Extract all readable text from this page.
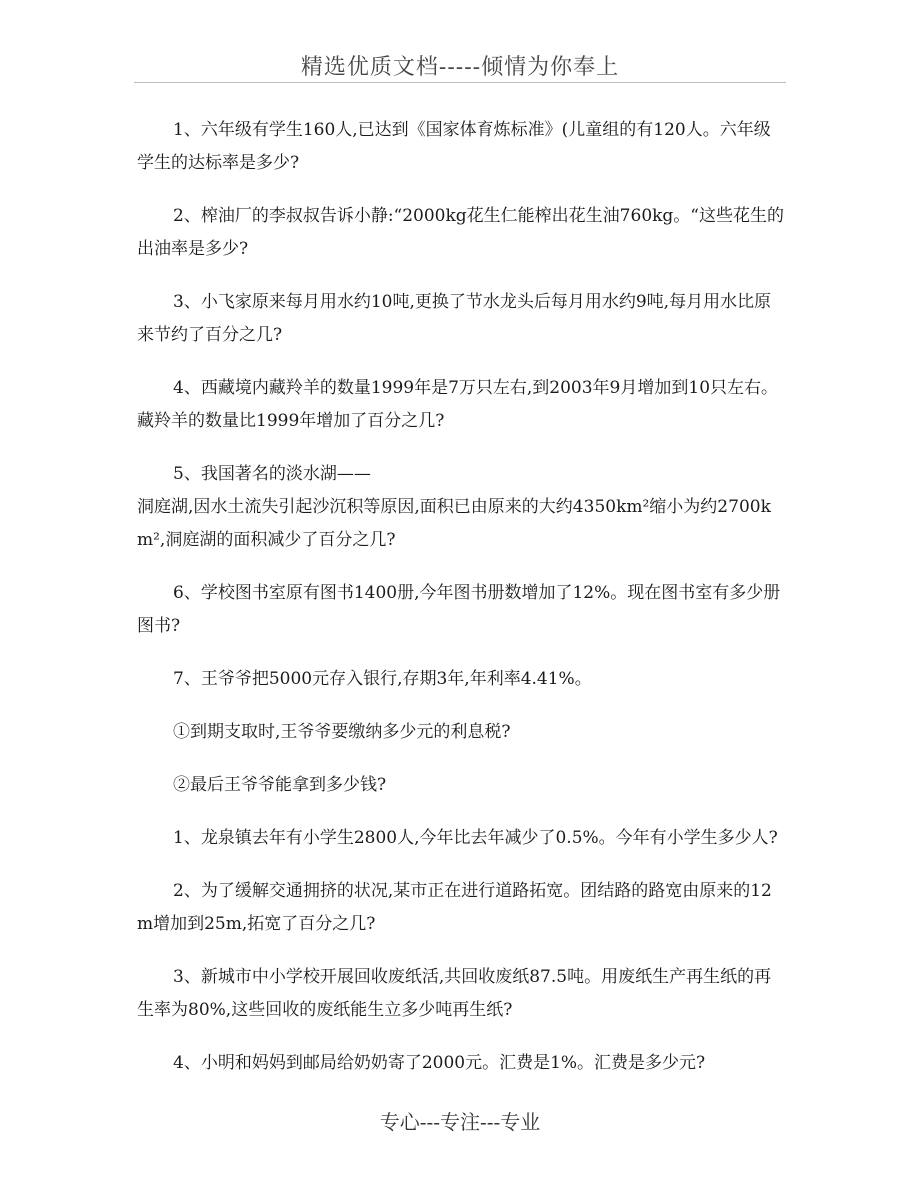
精选优质文档-----倾情为你奉上

1、六年级有学生160人,已达到《国家体育炼标准》(儿童组的有120人。六年级学生的达标率是多少?

2、榨油厂的李叔叔告诉小静:“2000kg花生仁能榨出花生油760kg。“这些花生的出油率是多少?

3、小飞家原来每月用水约10吨,更换了节水龙头后每月用水约9吨,每月用水比原来节约了百分之几?

4、西藏境内藏羚羊的数量1999年是7万只左右,到2003年9月增加到10只左右。藏羚羊的数量比1999年增加了百分之几?

5、我国著名的淡水湖——

洞庭湖,因水土流失引起沙沉积等原因,面积已由原来的大约4350km²缩小为约2700km²,洞庭湖的面积减少了百分之几?

6、学校图书室原有图书1400册,今年图书册数增加了12%。现在图书室有多少册图书?

7、王爷爷把5000元存入银行,存期3年,年利率4.41%。

①到期支取时,王爷爷要缴纳多少元的利息税?

②最后王爷爷能拿到多少钱?

1、龙泉镇去年有小学生2800人,今年比去年减少了0.5%。今年有小学生多少人?

2、为了缓解交通拥挤的状况,某市正在进行道路拓宽。团结路的路宽由原来的12m增加到25m,拓宽了百分之几?

3、新城市中小学校开展回收废纸活,共回收废纸87.5吨。用废纸生产再生纸的再生率为80%,这些回收的废纸能生立多少吨再生纸?

4、小明和妈妈到邮局给奶奶寄了2000元。汇费是1%。汇费是多少元?

专心---专注---专业
